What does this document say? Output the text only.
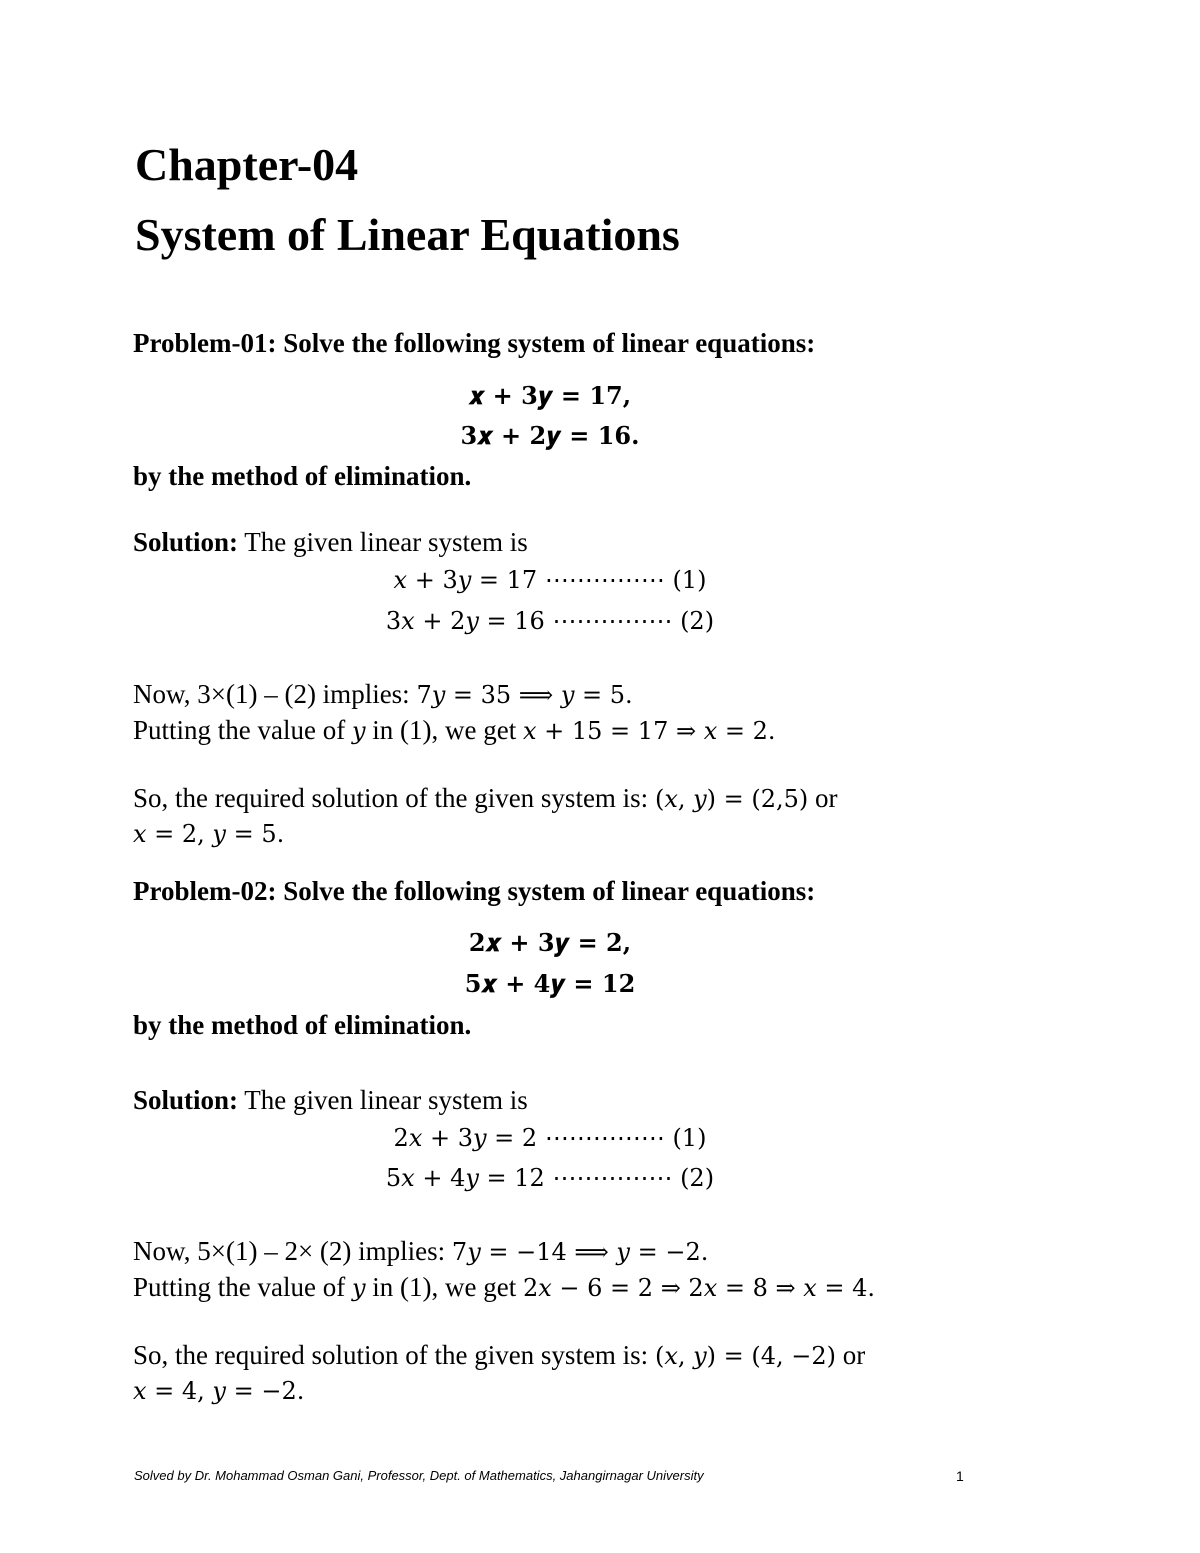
Chapter-04
System of Linear Equations
Problem-01: Solve the following system of linear equations:
𝒙 + 𝟑𝒚 = 𝟏𝟕,
𝟑𝒙 + 𝟐𝒚 = 𝟏𝟔.
by the method of elimination.
Solution: The given linear system is
𝑥 + 3𝑦 = 17 ⋯⋯⋯⋯⋯ (1)
3𝑥 + 2𝑦 = 16 ⋯⋯⋯⋯⋯ (2)
Now, 3×(1) – (2) implies: 7𝑦 = 35 ⟹ 𝑦 = 5.
Putting the value of 𝑦 in (1), we get 𝑥 + 15 = 17 ⇒ 𝑥 = 2.
So, the required solution of the given system is: (𝑥, 𝑦) = (2,5) or
𝑥 = 2, 𝑦 = 5.
Problem-02: Solve the following system of linear equations:
𝟐𝒙 + 𝟑𝒚 = 𝟐,
𝟓𝒙 + 𝟒𝒚 = 𝟏𝟐
by the method of elimination.
Solution: The given linear system is
2𝑥 + 3𝑦 = 2 ⋯⋯⋯⋯⋯ (1)
5𝑥 + 4𝑦 = 12 ⋯⋯⋯⋯⋯ (2)
Now, 5×(1) – 2× (2) implies: 7𝑦 = −14 ⟹ 𝑦 = −2.
Putting the value of 𝑦 in (1), we get 2𝑥 − 6 = 2 ⇒ 2𝑥 = 8 ⇒ 𝑥 = 4.
So, the required solution of the given system is: (𝑥, 𝑦) = (4, −2) or
𝑥 = 4, 𝑦 = −2.
Solved by Dr. Mohammad Osman Gani, Professor, Dept. of Mathematics, Jahangirnagar University	1
